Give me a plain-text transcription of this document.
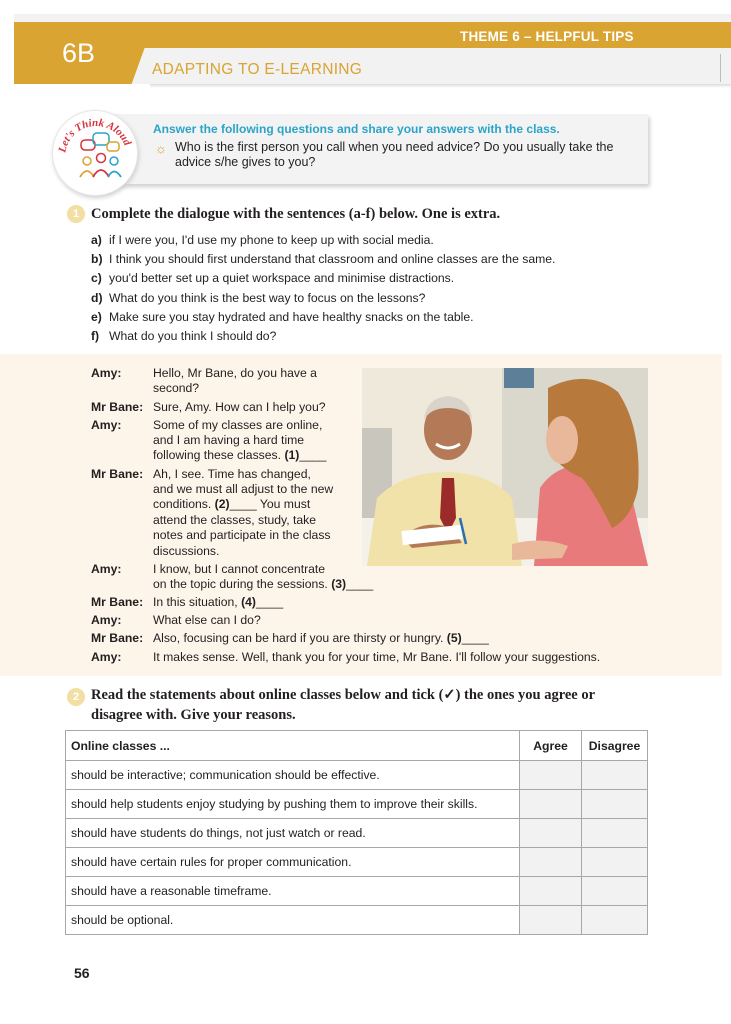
6B
THEME 6 – HELPFUL TIPS
ADAPTING TO E-LEARNING
Let's Think Aloud
Answer the following questions and share your answers with the class.
☼ Who is the first person you call when you need advice? Do you usually take the advice s/he gives to you?
1 Complete the dialogue with the sentences (a-f) below. One is extra.
a) if I were you, I'd use my phone to keep up with social media.
b) I think you should first understand that classroom and online classes are the same.
c) you'd better set up a quiet workspace and minimise distractions.
d) What do you think is the best way to focus on the lessons?
e) Make sure you stay hydrated and have healthy snacks on the table.
f) What do you think I should do?
Amy:	Hello, Mr Bane, do you have a
second?
Mr Bane: Sure, Amy. How can I help you?
Amy:	Some of my classes are online,
and I am having a hard time
following these classes. (1)____
Mr Bane: Ah, I see. Time has changed,
and we must all adjust to the new
conditions. (2)____ You must
attend the classes, study, take
notes and participate in the class
discussions.
Amy:	I know, but I cannot concentrate
on the topic during the sessions. (3)____
Mr Bane: In this situation, (4)____
Amy:	What else can I do?
Mr Bane: Also, focusing can be hard if you are thirsty or hungry. (5)____
Amy:	It makes sense. Well, thank you for your time, Mr Bane. I'll follow your suggestions.
2 Read the statements about online classes below and tick (✓) the ones you agree or
disagree with. Give your reasons.
Online classes ...	Agree	Disagree
should be interactive; communication should be effective.		
should help students enjoy studying by pushing them to improve their skills.		
should have students do things, not just watch or read.		
should have certain rules for proper communication.		
should have a reasonable timeframe.		
should be optional.		
56
